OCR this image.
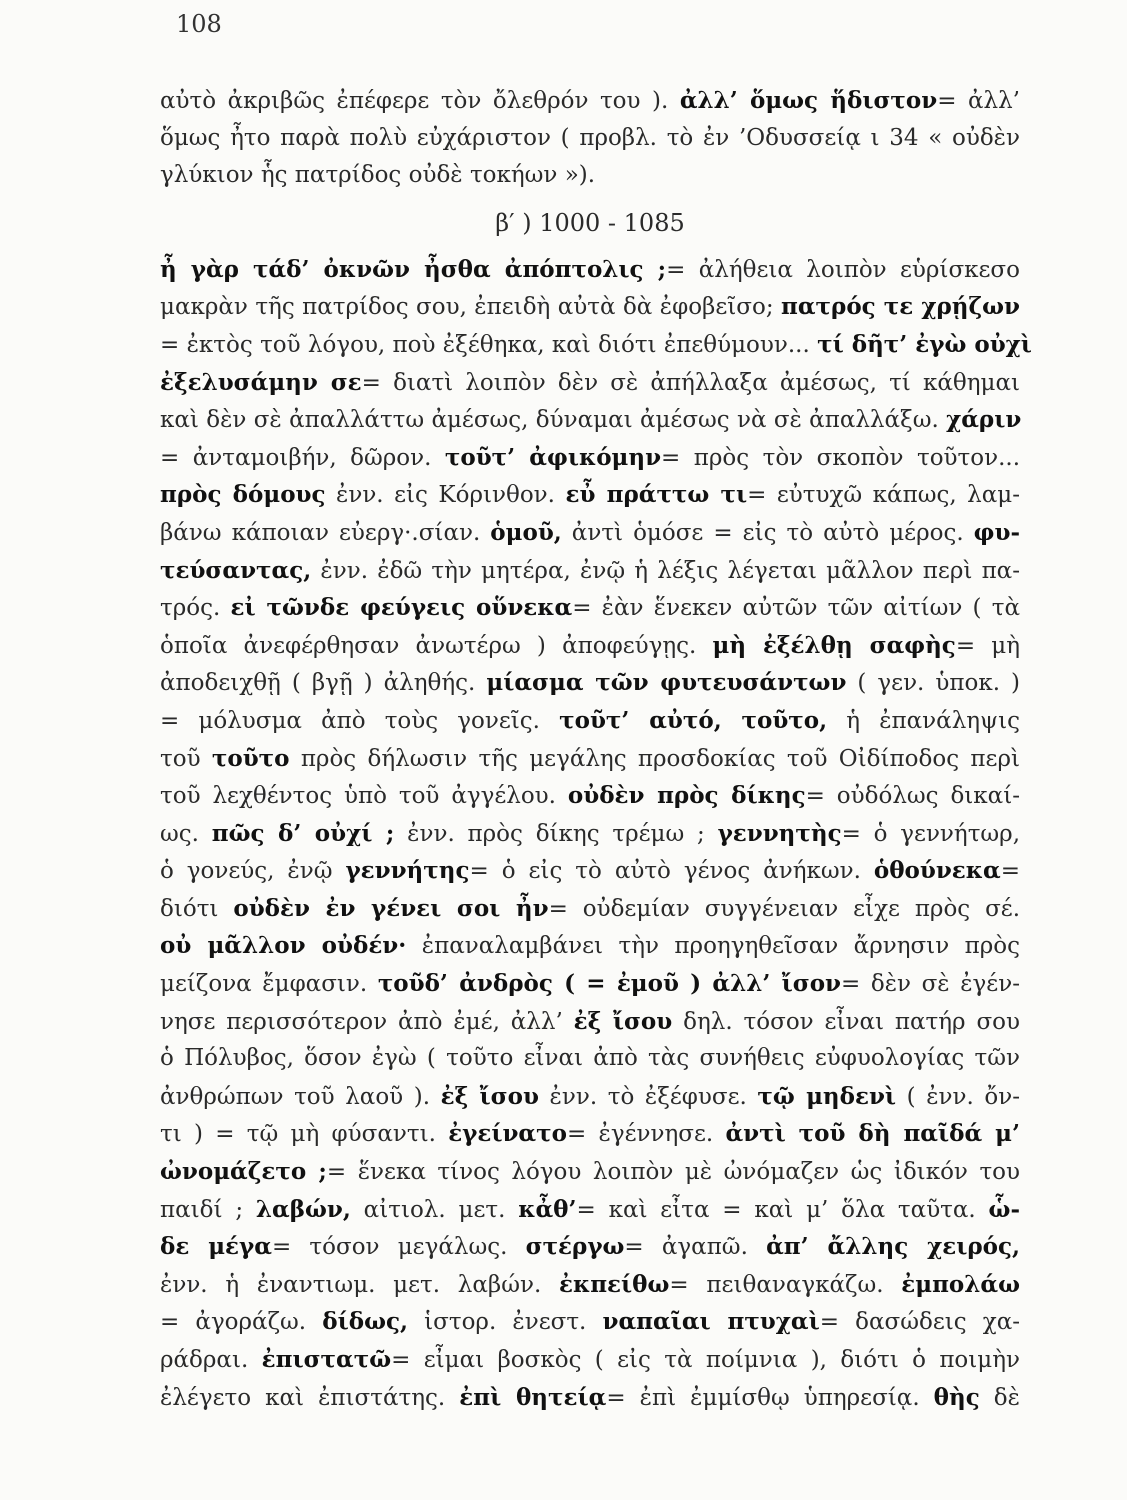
108
αὐτὸ ἀκριβῶς ἐπέφερε τὸν ὄλεθρόν του ). ἀλλ’ ὅμως ἥδιστον= ἀλλ’
ὅμως ἦτο παρὰ πολὺ εὐχάριστον ( προβλ. τὸ ἐν ’Οδυσσείᾳ ι 34 « οὐδὲν
γλύκιον ἧς πατρίδος οὐδὲ τοκήων »).
β′ ) 1000 - 1085
ἦ γὰρ τάδ’ ὀκνῶν ἦσθα ἀπόπτολις ;= ἀλήθεια λοιπὸν εὑρίσκεσο
μακρὰν τῆς πατρίδος σου, ἐπειδὴ αὐτὰ δὰ ἐφοβεῖσο; πατρός τε χρῄζων
= ἐκτὸς τοῦ λόγου, ποὺ ἐξέθηκα, καὶ διότι ἐπεθύμουν... τί δῆτ’ ἐγὼ οὐχὶ
ἐξελυσάμην σε= διατὶ λοιπὸν δὲν σὲ ἀπήλλαξα ἀμέσως, τί κάθημαι
καὶ δὲν σὲ ἀπαλλάττω ἀμέσως, δύναμαι ἀμέσως νὰ σὲ ἀπαλλάξω. χάριν
= ἀνταμοιβήν, δῶρον. τοῦτ’ ἀφικόμην= πρὸς τὸν σκοπὸν τοῦτον...
πρὸς δόμους ἐνν. εἰς Κόρινθον. εὖ πράττω τι= εὐτυχῶ κάπως, λαμ-
βάνω κάποιαν εὐεργ·.σίαν. ὁμοῦ, ἀντὶ ὁμόσε = εἰς τὸ αὐτὸ μέρος. φυ-
τεύσαντας, ἐνν. ἐδῶ τὴν μητέρα, ἐνῷ ἡ λέξις λέγεται μᾶλλον περὶ πα-
τρός. εἰ τῶνδε φεύγεις οὕνεκα= ἐὰν ἕνεκεν αὐτῶν τῶν αἰτίων ( τὰ
ὁποῖα ἀνεφέρθησαν ἀνωτέρω ) ἀποφεύγῃς. μὴ ἐξέλθῃ σαφὴς= μὴ
ἀποδειχθῇ ( βγῇ ) ἀληθής. μίασμα τῶν φυτευσάντων ( γεν. ὑποκ. )
= μόλυσμα ἀπὸ τοὺς γονεῖς. τοῦτ’ αὐτό, τοῦτο, ἡ ἐπανάληψις
τοῦ τοῦτο πρὸς δήλωσιν τῆς μεγάλης προσδοκίας τοῦ Οἰδίποδος περὶ
τοῦ λεχθέντος ὑπὸ τοῦ ἀγγέλου. οὐδὲν πρὸς δίκης= οὐδόλως δικαί-
ως. πῶς δ’ οὐχί ; ἐνν. πρὸς δίκης τρέμω ; γεννητὴς= ὁ γεννήτωρ,
ὁ γονεύς, ἐνῷ γεννήτης= ὁ εἰς τὸ αὐτὸ γένος ἀνήκων. ὁθούνεκα=
διότι οὐδὲν ἐν γένει σοι ἦν= οὐδεμίαν συγγένειαν εἶχε πρὸς σέ.
οὐ μᾶλλον οὐδέν· ἐπαναλαμβάνει τὴν προηγηθεῖσαν ἄρνησιν πρὸς
μείζονα ἔμφασιν. τοῦδ’ ἀνδρὸς ( = ἐμοῦ ) ἀλλ’ ἴσον= δὲν σὲ ἐγέν-
νησε περισσότερον ἀπὸ ἐμέ, ἀλλ’ ἐξ ἴσου δηλ. τόσον εἶναι πατήρ σου
ὁ Πόλυβος, ὅσον ἐγὼ ( τοῦτο εἶναι ἀπὸ τὰς συνήθεις εὐφυολογίας τῶν
ἀνθρώπων τοῦ λαοῦ ). ἐξ ἴσου ἐνν. τὸ ἐξέφυσε. τῷ μηδενὶ ( ἐνν. ὄν-
τι ) = τῷ μὴ φύσαντι. ἐγείνατο= ἐγέννησε. ἀντὶ τοῦ δὴ παῖδά μ’
ὠνομάζετο ;= ἕνεκα τίνος λόγου λοιπὸν μὲ ὠνόμαζεν ὡς ἰδικόν του
παιδί ; λαβών, αἰτιολ. μετ. κἆθ’= καὶ εἶτα = καὶ μ’ ὅλα ταῦτα. ὧ-
δε μέγα= τόσον μεγάλως. στέργω= ἀγαπῶ. ἀπ’ ἄλλης χειρός,
ἐνν. ἡ ἐναντιωμ. μετ. λαβών. ἐκπείθω= πειθαναγκάζω. ἐμπολάω
= ἀγοράζω. δίδως, ἱστορ. ἐνεστ. ναπαῖαι πτυχαὶ= δασώδεις χα-
ράδραι. ἐπιστατῶ= εἶμαι βοσκὸς ( εἰς τὰ ποίμνια ), διότι ὁ ποιμὴν
ἐλέγετο καὶ ἐπιστάτης. ἐπὶ θητείᾳ= ἐπὶ ἐμμίσθῳ ὑπηρεσίᾳ. θὴς δὲ
